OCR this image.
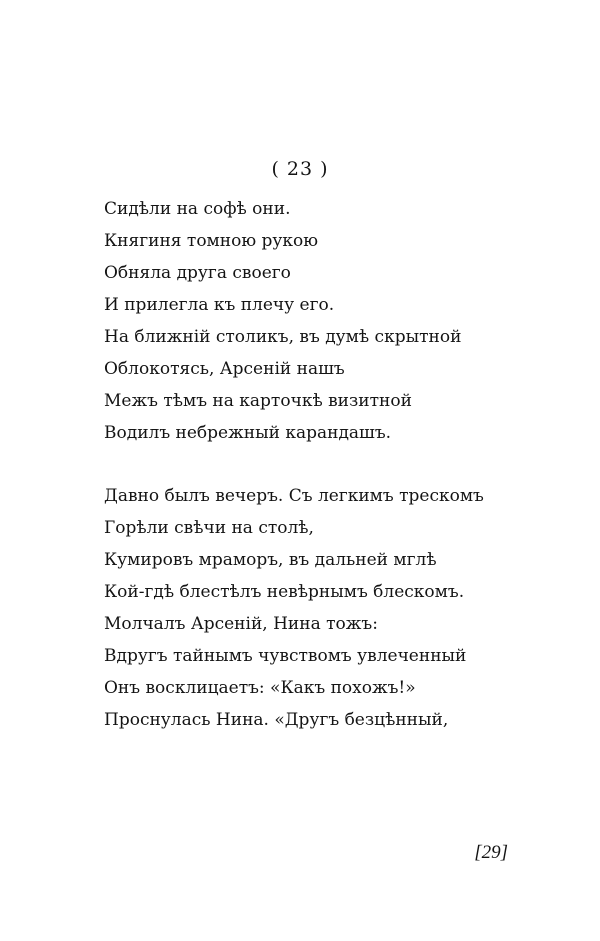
( 23 )
Сидѣли на софѣ они.
Княгиня томною рукою
Обняла друга своего
И прилегла къ плечу его.
На ближній столикъ, въ думѣ скрытной
Облокотясь, Арсеній нашъ
Межъ тѣмъ на карточкѣ визитной
Водилъ небрежный карандашъ.
Давно былъ вечеръ. Съ легкимъ трескомъ
Горѣли свѣчи на столѣ,
Кумировъ мраморъ, въ дальней мглѣ
Кой-гдѣ блестѣлъ невѣрнымъ блескомъ.
Молчалъ Арсеній, Нина тожъ:
Вдругъ тайнымъ чувствомъ увлеченный
Онъ восклицаетъ: «Какъ похожъ!»
Проснулась Нина. «Другъ безцѣнный,
[29]
